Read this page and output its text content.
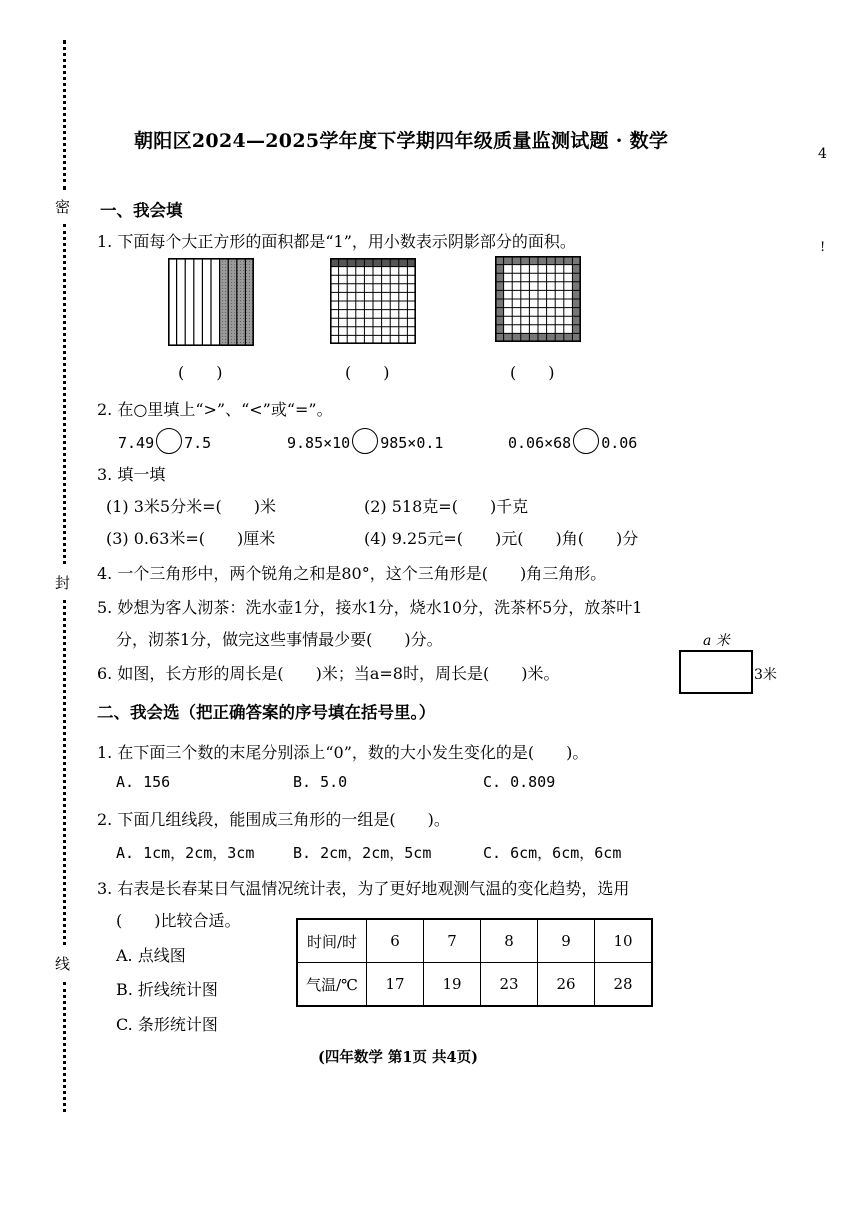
密
封
线
4
!
朝阳区2024—2025学年度下学期四年级质量监测试题 · 数学
一、我会填
1. 下面每个大正方形的面积都是“1”，用小数表示阴影部分的面积。
(　　)	(　　)	(　　)
2. 在○里填上“>”、“<”或“=”。
7.49 7.5	9.85×10 985×0.1	0.06×68 0.06
3. 填一填
(1) 3米5分米=(　　)米	(2) 518克=(　　)千克
(3) 0.63米=(　　)厘米	(4) 9.25元=(　　)元(　　)角(　　)分
4. 一个三角形中，两个锐角之和是80°，这个三角形是(　　)角三角形。
5. 妙想为客人沏茶：洗水壶1分，接水1分，烧水10分，洗茶杯5分，放茶叶1
分，沏茶1分，做完这些事情最少要(　　)分。
6. 如图，长方形的周长是(　　)米；当a=8时，周长是(　　)米。
a 米
3米
二、我会选（把正确答案的序号填在括号里。）
1. 在下面三个数的末尾分别添上“0”，数的大小发生变化的是(　　)。
A. 156	B. 5.0	C. 0.809
2. 下面几组线段，能围成三角形的一组是(　　)。
A. 1cm，2cm，3cm	B. 2cm，2cm，5cm	C. 6cm，6cm，6cm
3. 右表是长春某日气温情况统计表，为了更好地观测气温的变化趋势，选用
(　　)比较合适。
A. 点线图
B. 折线统计图
C. 条形统计图
时间/时	6	7	8	9	10
气温/℃	17	19	23	26	28
(四年数学 第1页 共4页)
